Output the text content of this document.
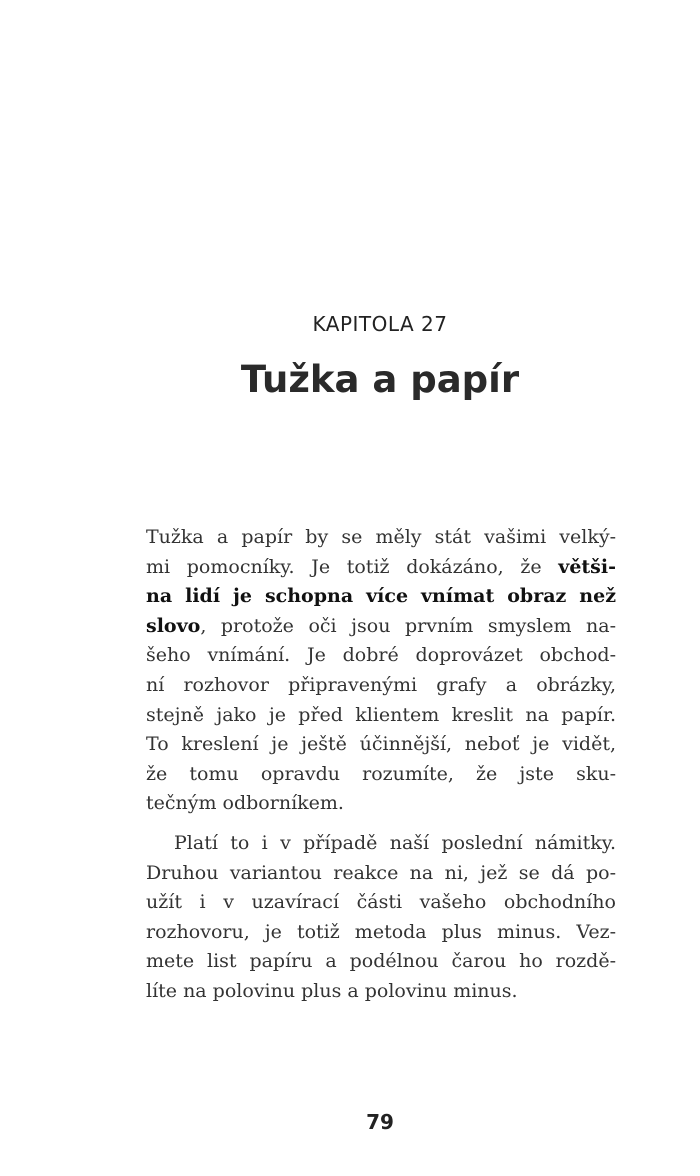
KAPITOLA 27
Tužka a papír
Tužka a papír by se měly stát vašimi velký-
mi pomocníky. Je totiž dokázáno, že větši-
na lidí je schopna více vnímat obraz než
slovo, protože oči jsou prvním smyslem na-
šeho vnímání. Je dobré doprovázet obchod-
ní rozhovor připravenými grafy a obrázky,
stejně jako je před klientem kreslit na papír.
To kreslení je ještě účinnější, neboť je vidět,
že tomu opravdu rozumíte, že jste sku-
tečným odborníkem.
Platí to i v případě naší poslední námitky.
Druhou variantou reakce na ni, jež se dá po-
užít i v uzavírací části vašeho obchodního
rozhovoru, je totiž metoda plus minus. Vez-
mete list papíru a podélnou čarou ho rozdě-
líte na polovinu plus a polovinu minus.
79
